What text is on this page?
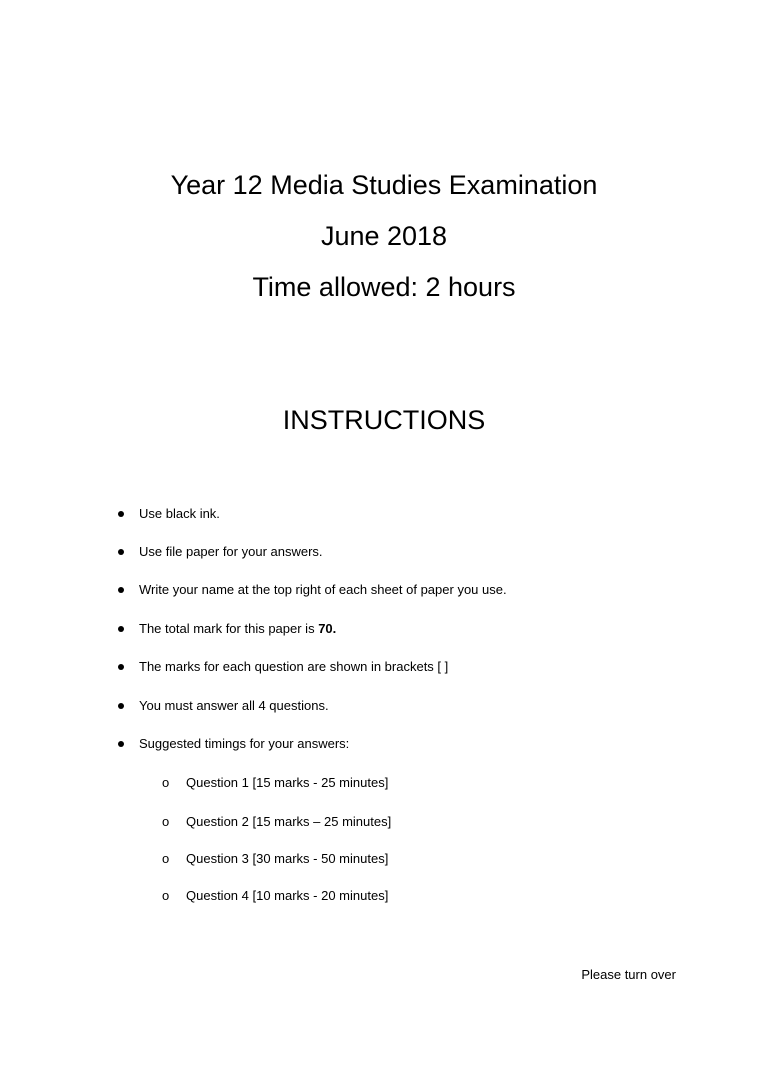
Year 12 Media Studies Examination
June 2018
Time allowed: 2 hours
INSTRUCTIONS
Use black ink.
Use file paper for your answers.
Write your name at the top right of each sheet of paper you use.
The total mark for this paper is 70.
The marks for each question are shown in brackets [ ]
You must answer all 4 questions.
Suggested timings for your answers:
o Question 1 [15 marks - 25 minutes]
o Question 2 [15 marks – 25 minutes]
o Question 3 [30 marks - 50 minutes]
o Question 4 [10 marks - 20 minutes]
Please turn over
